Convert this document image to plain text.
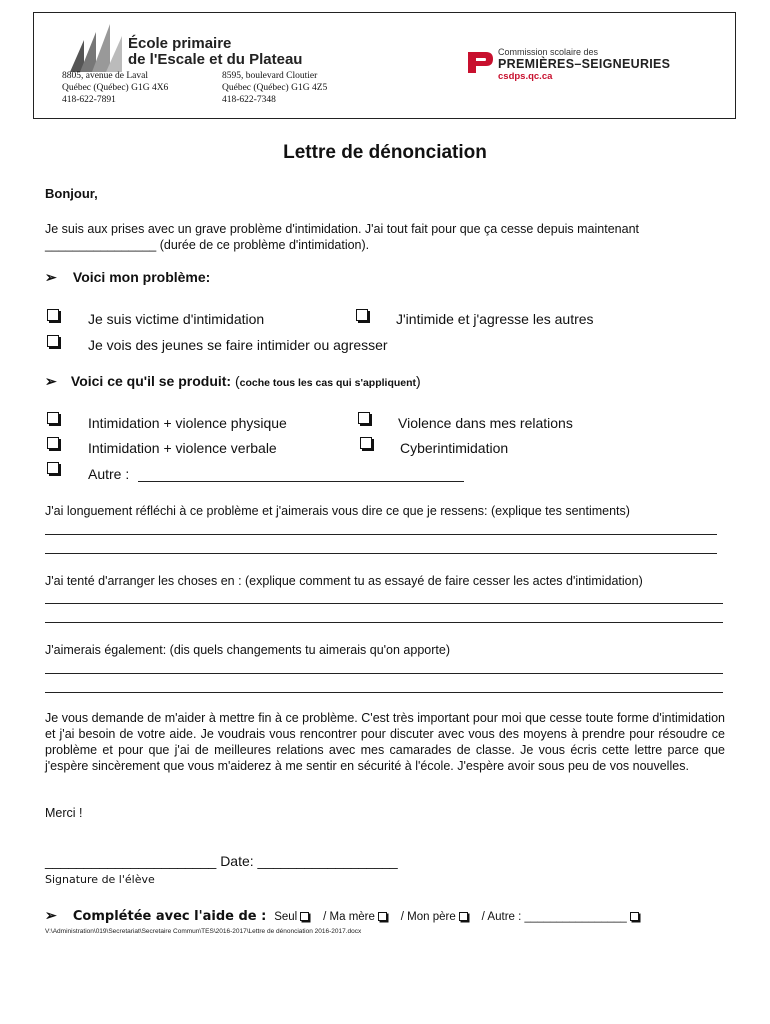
École primaire
de l'Escale et du Plateau
8805, avenue de Laval
Québec (Québec) G1G 4X6
418-622-7891
8595, boulevard Cloutier
Québec (Québec) G1G 4Z5
418-622-7348
Commission scolaire des
PREMIÈRES–SEIGNEURIES
csdps.qc.ca
Lettre de dénonciation
Bonjour,
Je suis aux prises avec un grave problème d'intimidation. J'ai tout fait pour que ça cesse depuis maintenant
________________ (durée de ce problème d'intimidation).
➢ Voici mon problème:
Je suis victime d'intimidation	J'intimide et j'agresse les autres
Je vois des jeunes se faire intimider ou agresser
➢ Voici ce qu'il se produit: (coche tous les cas qui s'appliquent)
Intimidation + violence physique	Violence dans mes relations
Intimidation + violence verbale	Cyberintimidation
Autre :
J'ai longuement réfléchi à ce problème et j'aimerais vous dire ce que je ressens: (explique tes sentiments)
J'ai tenté d'arranger les choses en : (explique comment tu as essayé de faire cesser les actes d'intimidation)
J'aimerais également: (dis quels changements tu aimerais qu'on apporte)
Je vous demande de m'aider à mettre fin à ce problème. C'est très important pour moi que cesse toute forme d'intimidation et j'ai besoin de votre aide. Je voudrais vous rencontrer pour discuter avec vous des moyens à prendre pour résoudre ce problème et pour que j'ai de meilleures relations avec mes camarades de classe. Je vous écris cette lettre parce que j'espère sincèrement que vous m'aiderez à me sentir en sécurité à l'école. J'espère avoir sous peu de vos nouvelles.
Merci !
______________________ Date: __________________
Signature de l'élève
➢ Complétée avec l'aide de : Seul / Ma mère / Mon père / Autre : ________________
V:\Administration\019\Secretariat\Secretaire Commun\TES\2016-2017\Lettre de dénonciation 2016-2017.docx
